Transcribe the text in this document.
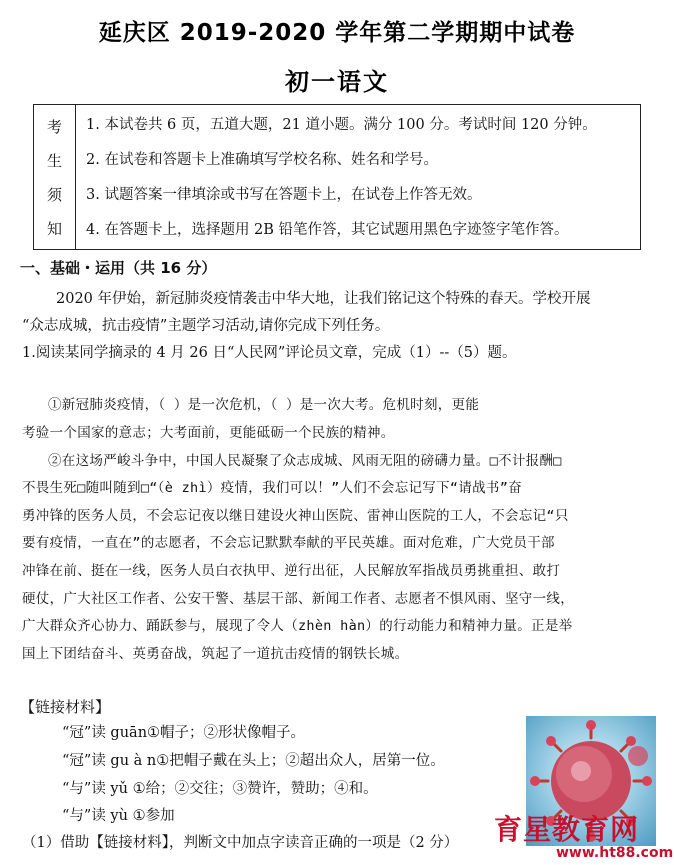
延庆区 2019-2020 学年第二学期期中试卷
初一语文
考
生
须
知
1. 本试卷共 6 页，五道大题，21 道小题。满分 100 分。考试时间 120 分钟。
2. 在试卷和答题卡上准确填写学校名称、姓名和学号。
3. 试题答案一律填涂或书写在答题卡上，在试卷上作答无效。
4. 在答题卡上，选择题用 2B 铅笔作答，其它试题用黑色字迹签字笔作答。
一、基础・运用（共 16 分）
2020 年伊始，新冠肺炎疫情袭击中华大地，让我们铭记这个特殊的春天。学校开展
“众志成城，抗击疫情”主题学习活动,请你完成下列任务。
1.阅读某同学摘录的 4 月 26 日“人民网”评论员文章，完成（1）--（5）题。
①新冠肺炎疫情，（ ）是一次危机，（ ）是一次大考。危机时刻，更能
考验一个国家的意志；大考面前，更能砥砺一个民族的精神。
②在这场严峻斗争中，中国人民凝聚了众志成城、风雨无阻的磅礴力量。□不计报酬□
不畏生死□随叫随到□“（è zhì）疫情，我们可以！”人们不会忘记写下“请战书”奋
勇冲锋的医务人员，不会忘记夜以继日建设火神山医院、雷神山医院的工人，不会忘记“只
要有疫情，一直在”的志愿者，不会忘记默默奉献的平民英雄。面对危难，广大党员干部
冲锋在前、挺在一线，医务人员白衣执甲、逆行出征，人民解放军指战员勇挑重担、敢打
硬仗，广大社区工作者、公安干警、基层干部、新闻工作者、志愿者不惧风雨、坚守一线，
广大群众齐心协力、踊跃参与，展现了令人（zhèn hàn）的行动能力和精神力量。正是举
国上下团结奋斗、英勇奋战，筑起了一道抗击疫情的钢铁长城。
【链接材料】
“冠”读 guān①帽子；②形状像帽子。
“冠”读 gu à n①把帽子戴在头上；②超出众人，居第一位。
“与”读 yǔ ①给；②交往；③赞许，赞助；④和。
“与”读 yù ①参加
（1）借助【链接材料】，判断文中加点字读音正确的一项是（2 分） 育星教育网
www.ht88.com
